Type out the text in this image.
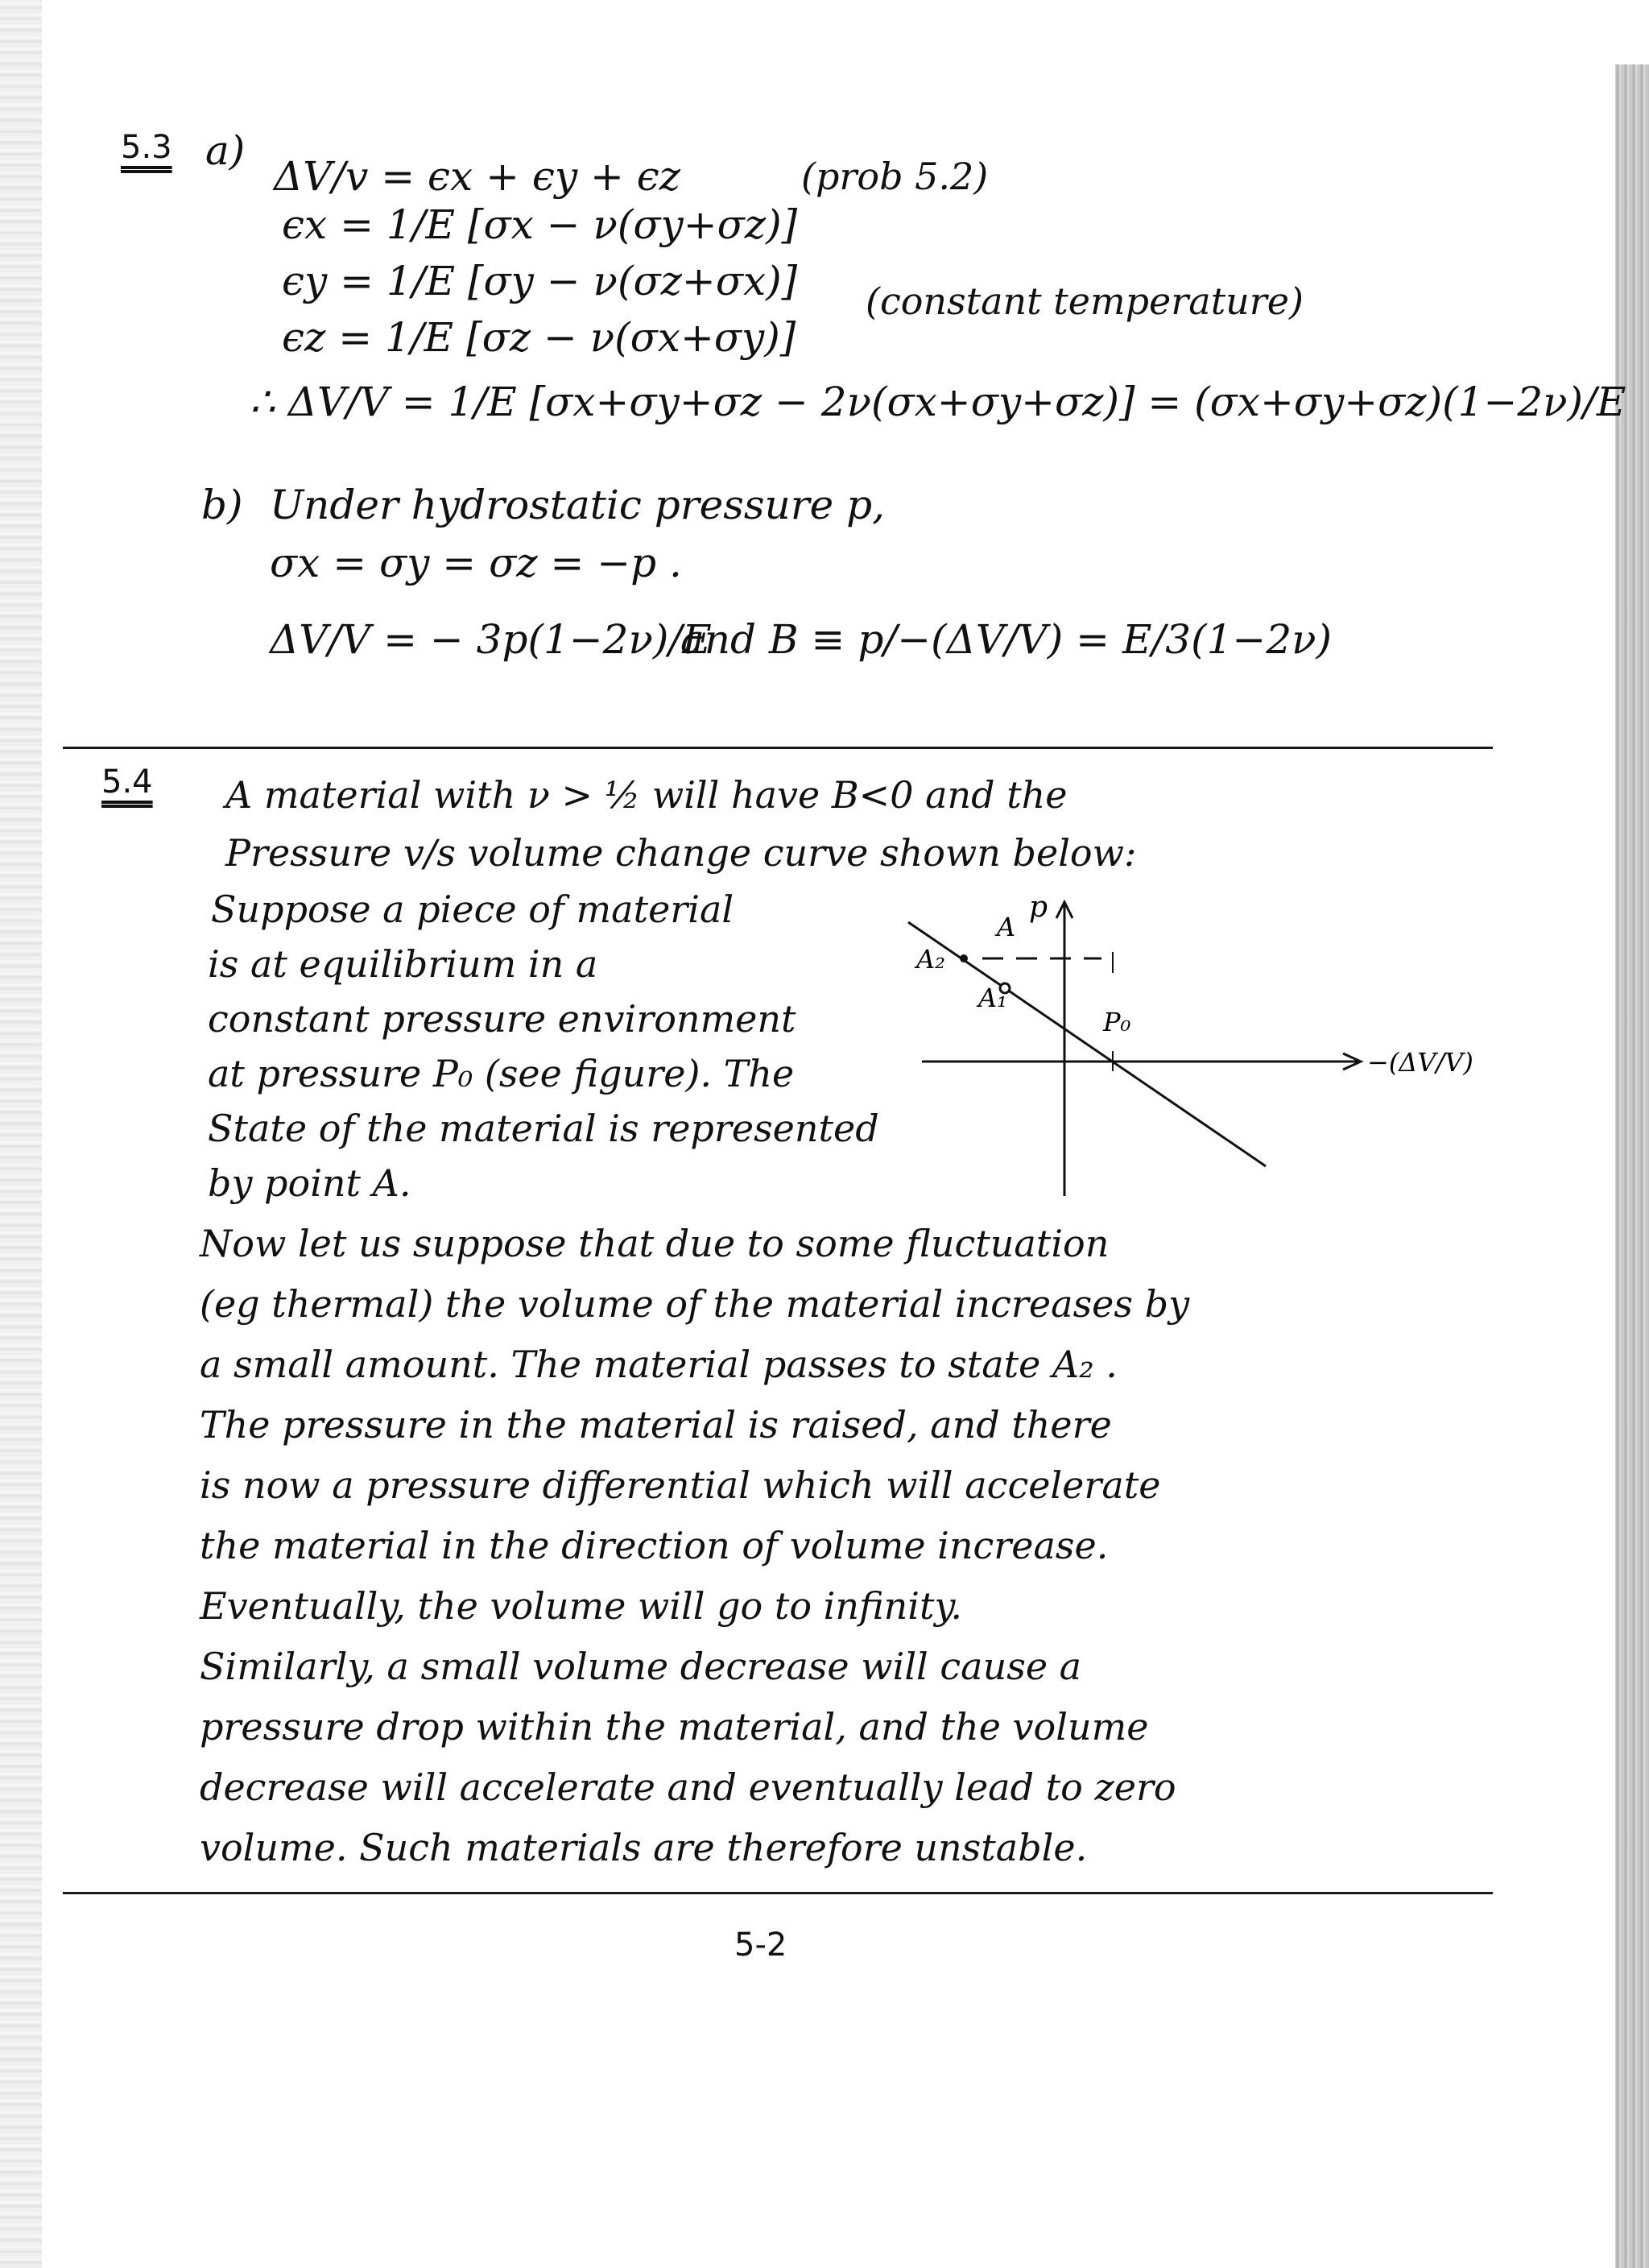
5.3 a)
ΔV/v = ϵx + ϵy + ϵz	(prob 5.2)
ϵx = 1/E [σx − ν(σy+σz)]
ϵy = 1/E [σy − ν(σz+σx)] (constant temperature)
ϵz = 1/E [σz − ν(σx+σy)]
∴ ΔV/V = 1/E [σx+σy+σz − 2ν(σx+σy+σz)] = (σx+σy+σz)(1−2ν)/E
b) Under hydrostatic pressure p,
σx = σy = σz = −p .
ΔV/V = − 3p(1−2ν)/E
and B ≡ p/−(ΔV/V) = E/3(1−2ν)
5.4 A material with ν > ½ will have B<0 and the
Pressure v/s volume change curve shown below:
Suppose a piece of material
is at equilibrium in a
constant pressure environment
at pressure P₀ (see figure). The
State of the material is represented
by point A.
A
A₂
A₁
P₀
p
−(ΔV/V)
Now let us suppose that due to some fluctuation
(eg thermal) the volume of the material increases by
a small amount. The material passes to state A₂ .
The pressure in the material is raised, and there
is now a pressure differential which will accelerate
the material in the direction of volume increase.
Eventually, the volume will go to infinity.
Similarly, a small volume decrease will cause a
pressure drop within the material, and the volume
decrease will accelerate and eventually lead to zero
volume. Such materials are therefore unstable.
5-2
